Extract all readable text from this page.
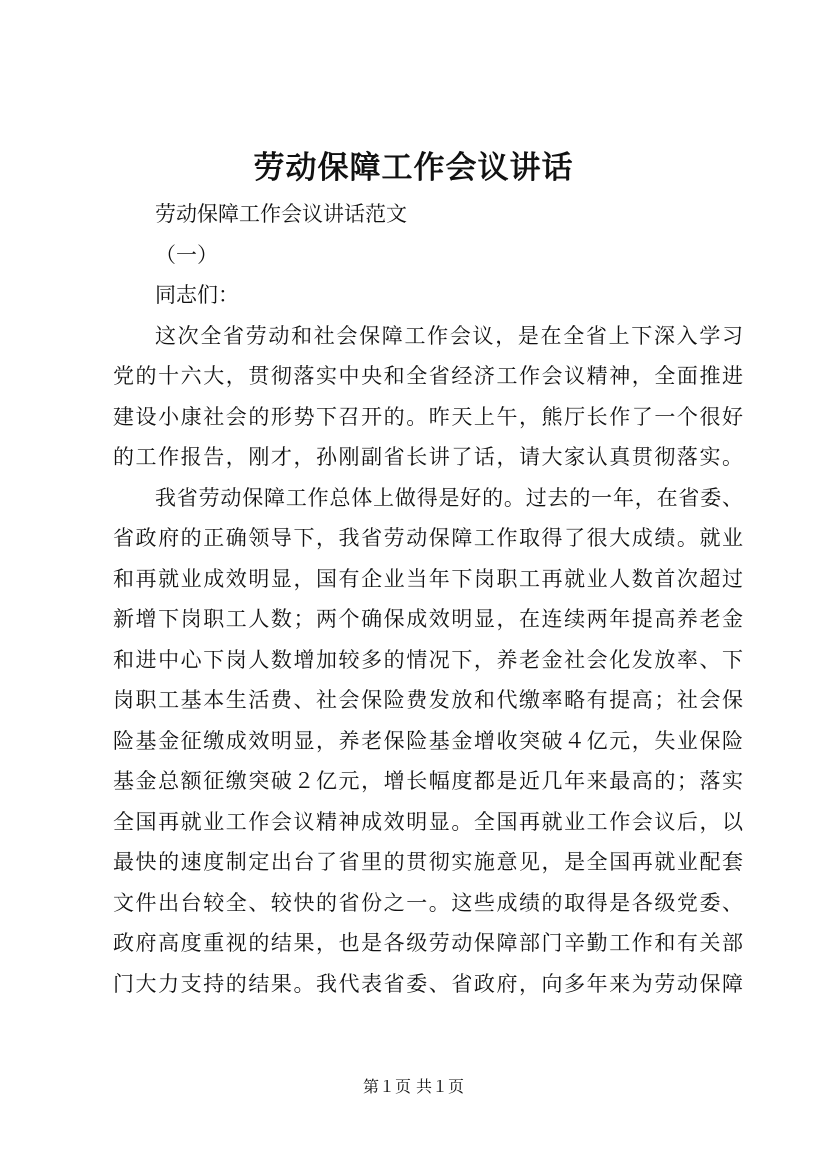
劳动保障工作会议讲话
劳动保障工作会议讲话范文
（一）
同志们：
这次全省劳动和社会保障工作会议，是在全省上下深入学习
党的十六大，贯彻落实中央和全省经济工作会议精神，全面推进
建设小康社会的形势下召开的。昨天上午，熊厅长作了一个很好
的工作报告，刚才，孙刚副省长讲了话，请大家认真贯彻落实。
我省劳动保障工作总体上做得是好的。过去的一年，在省委、
省政府的正确领导下，我省劳动保障工作取得了很大成绩。就业
和再就业成效明显，国有企业当年下岗职工再就业人数首次超过
新增下岗职工人数；两个确保成效明显，在连续两年提高养老金
和进中心下岗人数增加较多的情况下，养老金社会化发放率、下
岗职工基本生活费、社会保险费发放和代缴率略有提高；社会保
险基金征缴成效明显，养老保险基金增收突破４亿元，失业保险
基金总额征缴突破２亿元，增长幅度都是近几年来最高的；落实
全国再就业工作会议精神成效明显。全国再就业工作会议后，以
最快的速度制定出台了省里的贯彻实施意见，是全国再就业配套
文件出台较全、较快的省份之一。这些成绩的取得是各级党委、
政府高度重视的结果，也是各级劳动保障部门辛勤工作和有关部
门大力支持的结果。我代表省委、省政府，向多年来为劳动保障
第１页 共１页
